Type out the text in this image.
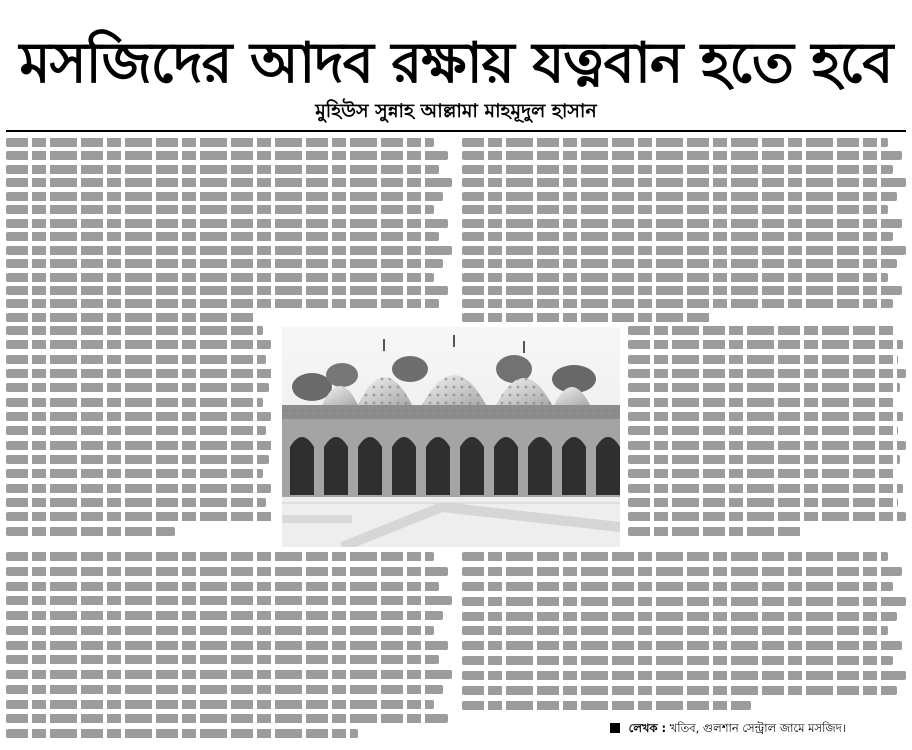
মসজিদের আদব রক্ষায় যত্নবান হতে হবে
মুহিউস সুন্নাহ আল্লামা মাহমূদুল হাসান
লেখক : খতিব, গুলশান সেন্ট্রাল জামে মসজিদ।
